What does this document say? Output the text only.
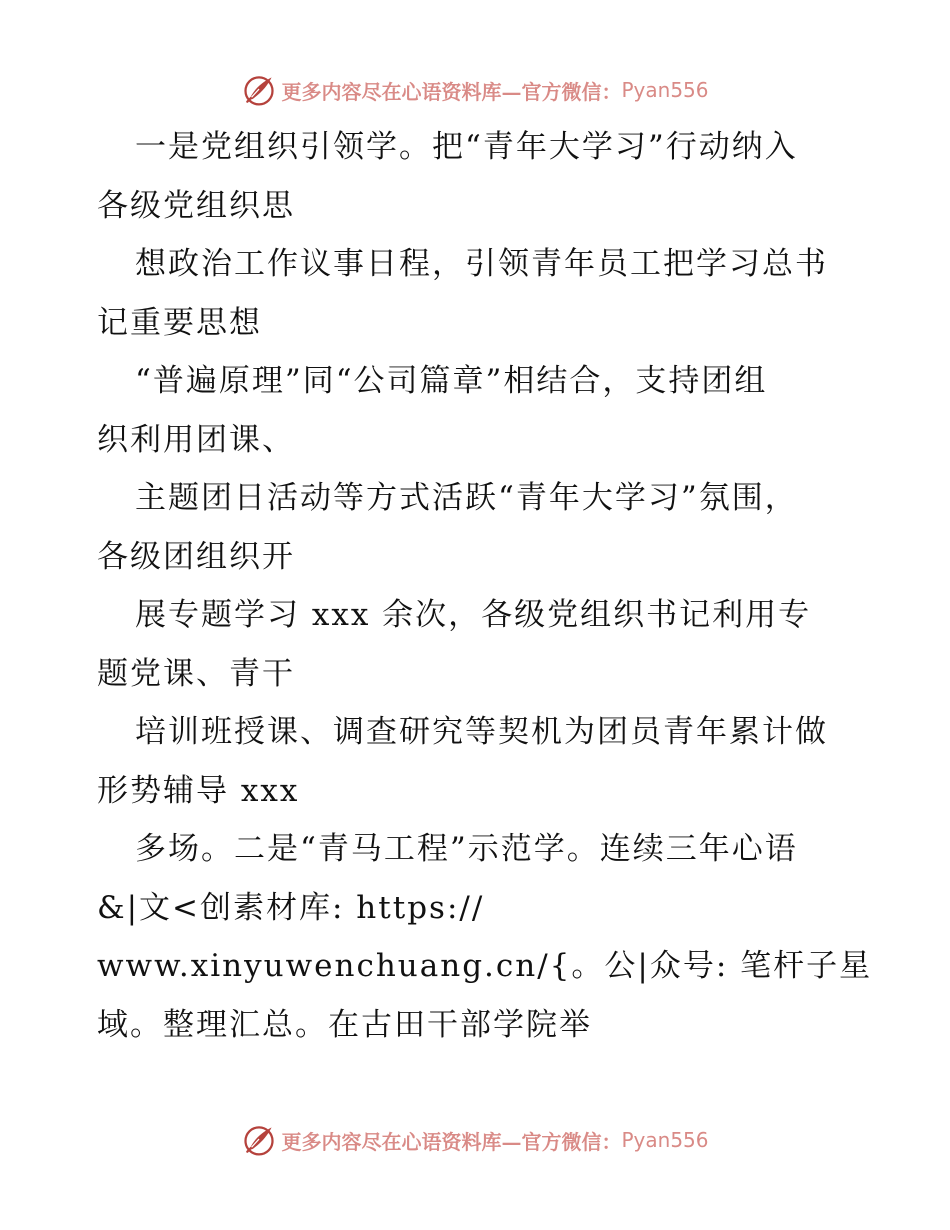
更多内容尽在心语资料库—官方微信： Pyan556
一是党组织引领学。把“青年大学习”行动纳入
各级党组织思
想政治工作议事日程，引领青年员工把学习总书
记重要思想
“普遍原理”同“公司篇章”相结合，支持团组
织利用团课、
主题团日活动等方式活跃“青年大学习”氛围，
各级团组织开
展专题学习 xxx 余次，各级党组织书记利用专
题党课、青干
培训班授课、调查研究等契机为团员青年累计做
形势辅导 xxx
多场。二是“青马工程”示范学。连续三年心语
&|文<创素材库: https://
www.xinyuwenchuang.cn/{。公|众号: 笔杆子星
域。整理汇总。在古田干部学院举
更多内容尽在心语资料库—官方微信： Pyan556
